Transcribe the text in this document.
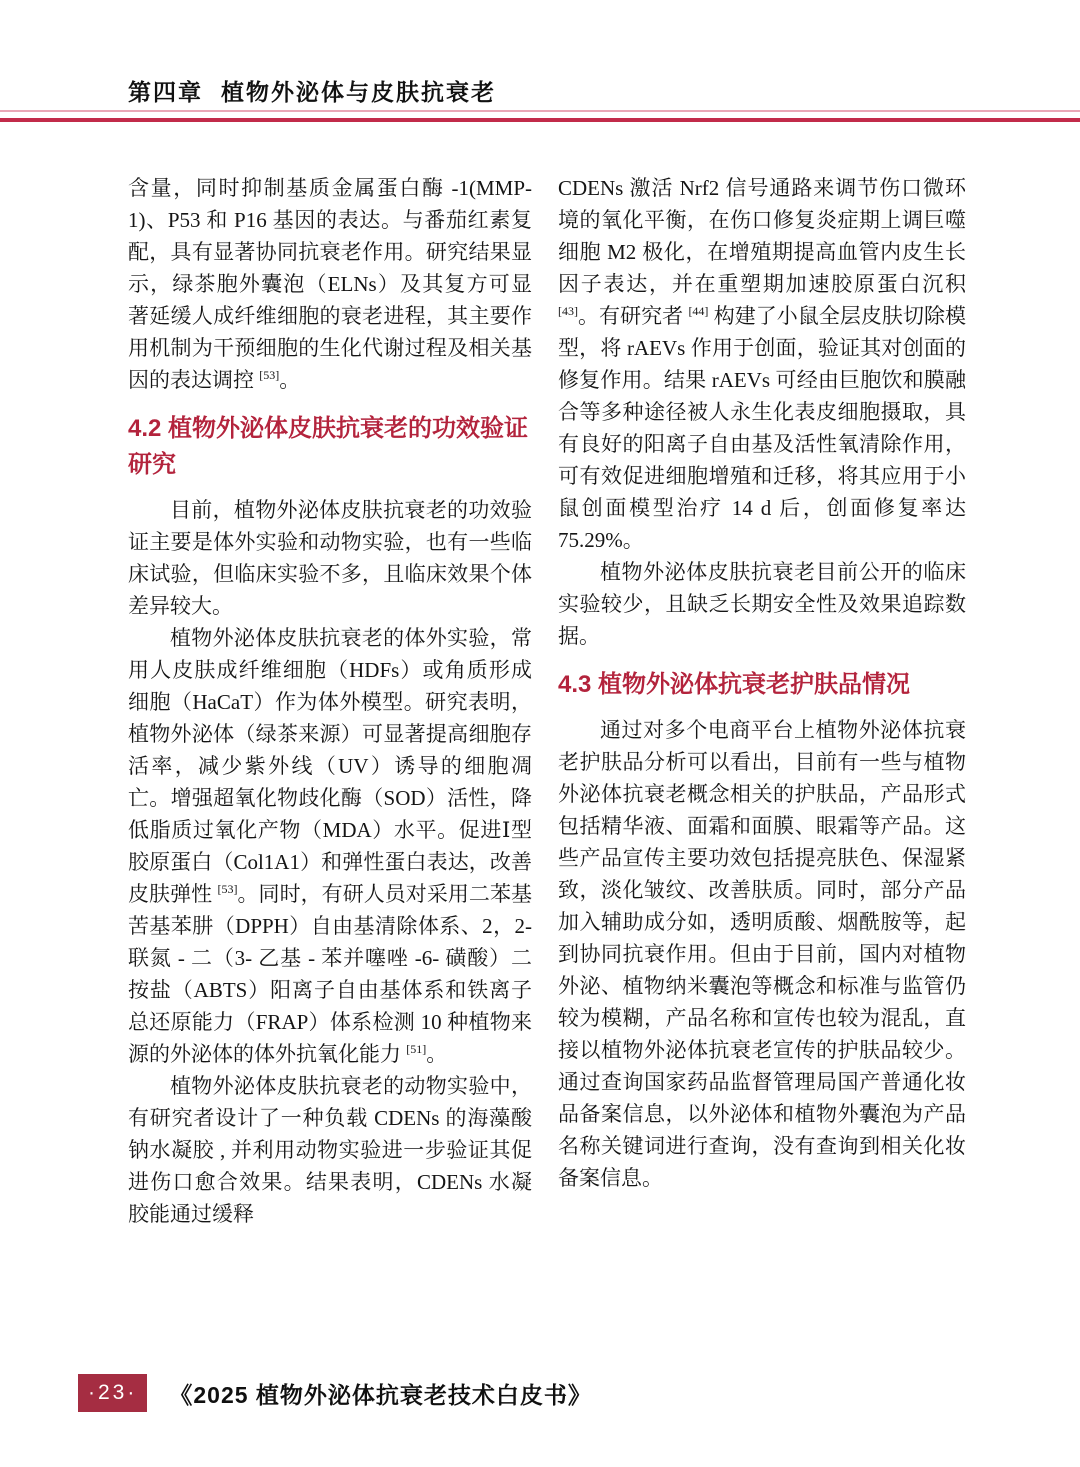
第四章 植物外泌体与皮肤抗衰老

含量，同时抑制基质金属蛋白酶 -1(MMP-1)、P53 和 P16 基因的表达。与番茄红素复配，具有显著协同抗衰老作用。研究结果显示，绿茶胞外囊泡（ELNs）及其复方可显著延缓人成纤维细胞的衰老进程，其主要作用机制为干预细胞的生化代谢过程及相关基因的表达调控 [53]。

4.2 植物外泌体皮肤抗衰老的功效验证研究

目前，植物外泌体皮肤抗衰老的功效验证主要是体外实验和动物实验，也有一些临床试验，但临床实验不多，且临床效果个体差异较大。

植物外泌体皮肤抗衰老的体外实验，常用人皮肤成纤维细胞（HDFs）或角质形成细胞（HaCaT）作为体外模型。研究表明，植物外泌体（绿茶来源）可显著提高细胞存活率，减少紫外线（UV）诱导的细胞凋亡。增强超氧化物歧化酶（SOD）活性，降低脂质过氧化产物（MDA）水平。促进Ⅰ型胶原蛋白（Col1A1）和弹性蛋白表达，改善皮肤弹性 [53]。同时，有研人员对采用二苯基苦基苯肼（DPPH）自由基清除体系、2，2- 联氮 - 二（3- 乙基 - 苯并噻唑 -6- 磺酸）二按盐（ABTS）阳离子自由基体系和铁离子总还原能力（FRAP）体系检测 10 种植物来源的外泌体的体外抗氧化能力 [51]。

植物外泌体皮肤抗衰老的动物实验中，有研究者设计了一种负载 CDENs 的海藻酸钠水凝胶 , 并利用动物实验进一步验证其促进伤口愈合效果。结果表明，CDENs 水凝胶能通过缓释

CDENs 激活 Nrf2 信号通路来调节伤口微环境的氧化平衡，在伤口修复炎症期上调巨噬细胞 M2 极化，在增殖期提高血管内皮生长因子表达，并在重塑期加速胶原蛋白沉积 [43]。有研究者 [44] 构建了小鼠全层皮肤切除模型，将 rAEVs 作用于创面，验证其对创面的修复作用。结果 rAEVs 可经由巨胞饮和膜融合等多种途径被人永生化表皮细胞摄取，具有良好的阳离子自由基及活性氧清除作用，可有效促进细胞增殖和迁移，将其应用于小鼠创面模型治疗 14 d 后，创面修复率达 75.29%。

植物外泌体皮肤抗衰老目前公开的临床实验较少，且缺乏长期安全性及效果追踪数据。

4.3 植物外泌体抗衰老护肤品情况

通过对多个电商平台上植物外泌体抗衰老护肤品分析可以看出，目前有一些与植物外泌体抗衰老概念相关的护肤品，产品形式包括精华液、面霜和面膜、眼霜等产品。这些产品宣传主要功效包括提亮肤色、保湿紧致，淡化皱纹、改善肤质。同时，部分产品加入辅助成分如，透明质酸、烟酰胺等，起到协同抗衰作用。但由于目前，国内对植物外泌、植物纳米囊泡等概念和标准与监管仍较为模糊，产品名称和宣传也较为混乱，直接以植物外泌体抗衰老宣传的护肤品较少。通过查询国家药品监督管理局国产普通化妆品备案信息，以外泌体和植物外囊泡为产品名称关键词进行查询，没有查询到相关化妆备案信息。

·23·	《2025 植物外泌体抗衰老技术白皮书》
